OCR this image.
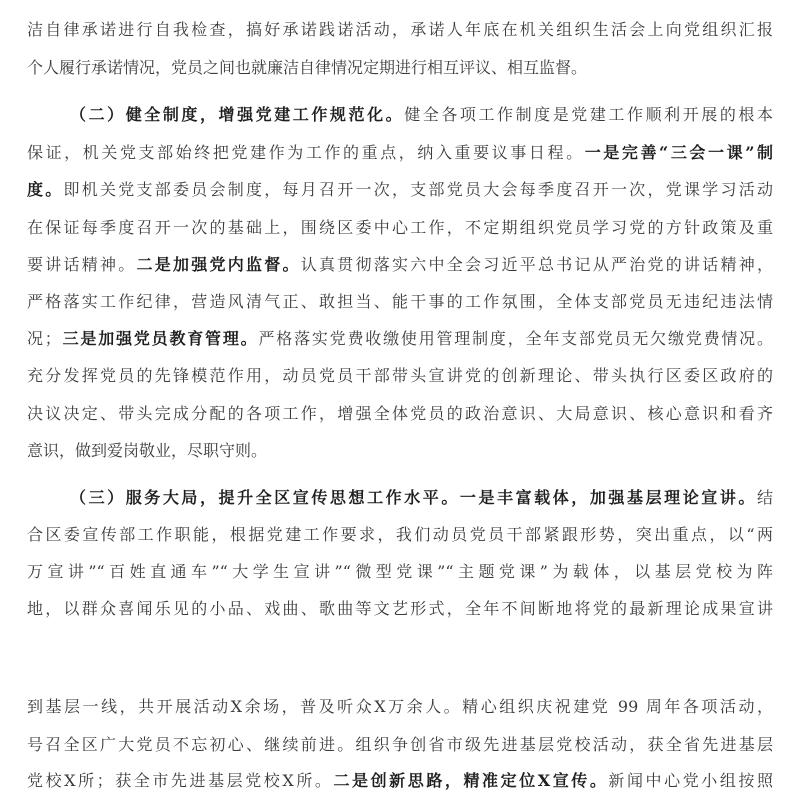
洁自律承诺进行自我检查，搞好承诺践诺活动，承诺人年底在机关组织生活会上向党组织汇报
个人履行承诺情况，党员之间也就廉洁自律情况定期进行相互评议、相互监督。
（二）健全制度，增强党建工作规范化。健全各项工作制度是党建工作顺利开展的根本
保证，机关党支部始终把党建作为工作的重点，纳入重要议事日程。一是完善“三会一课”制
度。即机关党支部委员会制度，每月召开一次，支部党员大会每季度召开一次，党课学习活动
在保证每季度召开一次的基础上，围绕区委中心工作，不定期组织党员学习党的方针政策及重
要讲话精神。二是加强党内监督。认真贯彻落实六中全会习近平总书记从严治党的讲话精神，
严格落实工作纪律，营造风清气正、敢担当、能干事的工作氛围，全体支部党员无违纪违法情
况；三是加强党员教育管理。严格落实党费收缴使用管理制度，全年支部党员无欠缴党费情况。
充分发挥党员的先锋模范作用，动员党员干部带头宣讲党的创新理论、带头执行区委区政府的
决议决定、带头完成分配的各项工作，增强全体党员的政治意识、大局意识、核心意识和看齐
意识，做到爱岗敬业，尽职守则。
（三）服务大局，提升全区宣传思想工作水平。一是丰富载体，加强基层理论宣讲。结
合区委宣传部工作职能，根据党建工作要求，我们动员党员干部紧跟形势，突出重点，以“两
万宣讲”“百姓直通车”“大学生宣讲”“微型党课”“主题党课”为载体，以基层党校为阵
地，以群众喜闻乐见的小品、戏曲、歌曲等文艺形式，全年不间断地将党的最新理论成果宣讲
到基层一线，共开展活动X余场，普及听众X万余人。精心组织庆祝建党 99 周年各项活动，
号召全区广大党员不忘初心、继续前进。组织争创省市级先进基层党校活动，获全省先进基层
党校X所；获全市先进基层党校X所。二是创新思路，精准定位X宣传。新闻中心党小组按照
